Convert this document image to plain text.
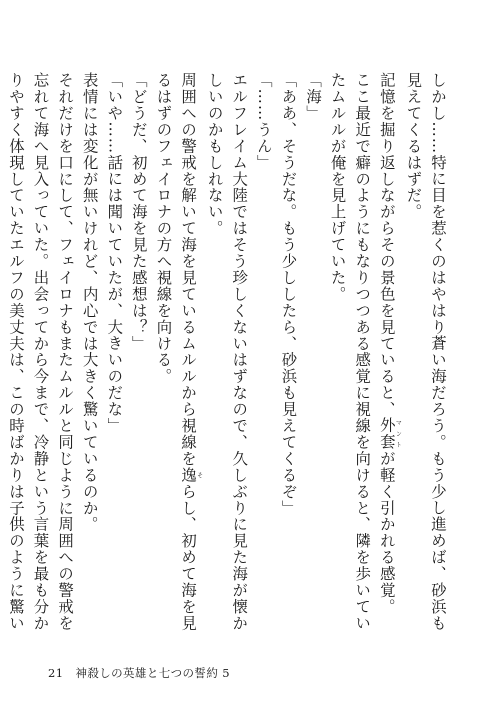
しかし……特に目を惹くのはやはり蒼い海だろう。もう少し進めば、砂浜も見えてくるはずだ。

記憶を掘り返しながらその景色を見ていると、外套マントが軽く引かれる感覚。

ここ最近で癖のようにもなりつつある感覚に視線を向けると、隣を歩いていたムルルが俺を見上げていた。

「海」

「ああ、そうだな。もう少ししたら、砂浜も見えてくるぞ」

「……うん」

エルフレイム大陸ではそう珍しくないはずなので、久しぶりに見た海が懐かしいのかもしれない。

周囲への警戒を解いて海を見ているムルルから視線を逸そらし、初めて海を見るはずのフェイロナの方へ視線を向ける。

「どうだ、初めて海を見た感想は？」

「いや……話には聞いていたが、大きいのだな」

表情には変化が無いけれど、内心では大きく驚いているのか。

それだけを口にして、フェイロナもまたムルルと同じように周囲への警戒を忘れて海へ見入っていた。出会ってから今まで、冷静という言葉を最も分かりやすく体現していたエルフの美丈夫は、この時ばかりは子供のように驚い

21 神殺しの英雄と七つの誓約 5
